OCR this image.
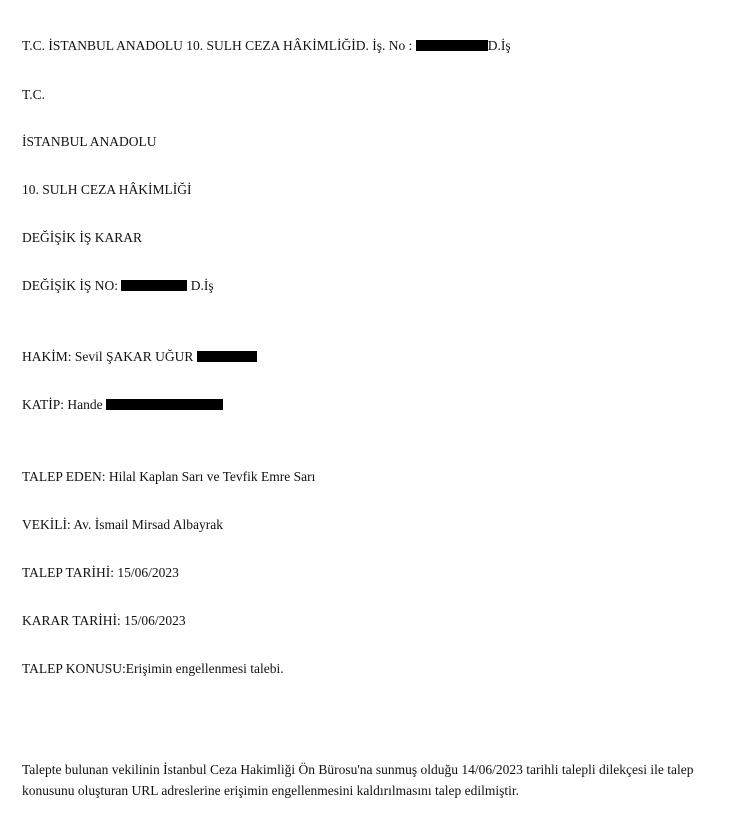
T.C. İSTANBUL ANADOLU 10. SULH CEZA HÂKİMLİĞİD. İş. No :	D.İş
T.C.
İSTANBUL ANADOLU
10. SULH CEZA HÂKİMLİĞİ
DEĞİŞİK İŞ KARAR
DEĞİŞİK İŞ NO:	D.İş
HAKİM: Sevil ŞAKAR UĞUR
KATİP: Hande
TALEP EDEN: Hilal Kaplan Sarı ve Tevfik Emre Sarı
VEKİLİ: Av. İsmail Mirsad Albayrak
TALEP TARİHİ: 15/06/2023
KARAR TARİHİ: 15/06/2023
TALEP KONUSU:Erişimin engellenmesi talebi.
Talepte bulunan vekilinin İstanbul Ceza Hakimliği Ön Bürosu'na sunmuş olduğu 14/06/2023 tarihli talepli dilekçesi ile talep konusunu oluşturan URL adreslerine erişimin engellenmesini kaldırılmasını talep edilmiştir.
